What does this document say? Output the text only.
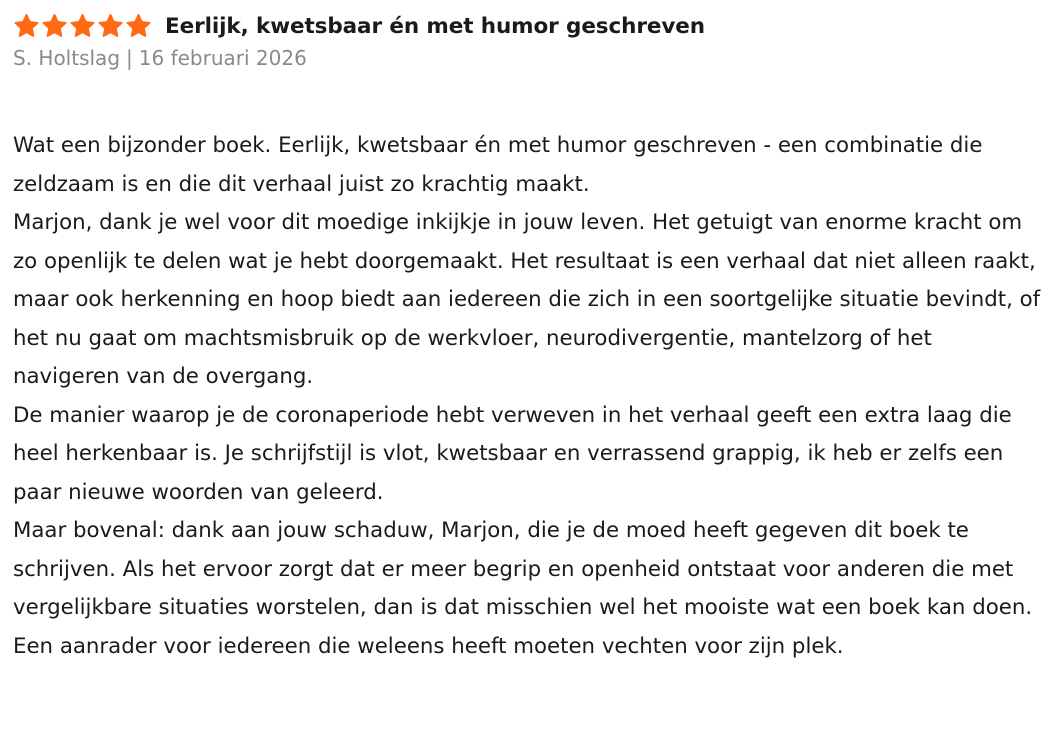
Eerlijk, kwetsbaar én met humor geschreven
S. Holtslag | 16 februari 2026

Wat een bijzonder boek. Eerlijk, kwetsbaar én met humor geschreven - een combinatie die zeldzaam is en die dit verhaal juist zo krachtig maakt.

Marjon, dank je wel voor dit moedige inkijkje in jouw leven. Het getuigt van enorme kracht om zo openlijk te delen wat je hebt doorgemaakt. Het resultaat is een verhaal dat niet alleen raakt, maar ook herkenning en hoop biedt aan iedereen die zich in een soortgelijke situatie bevindt, of het nu gaat om machtsmisbruik op de werkvloer, neurodivergentie, mantelzorg of het navigeren van de overgang.

De manier waarop je de coronaperiode hebt verweven in het verhaal geeft een extra laag die heel herkenbaar is. Je schrijfstijl is vlot, kwetsbaar en verrassend grappig, ik heb er zelfs een paar nieuwe woorden van geleerd.

Maar bovenal: dank aan jouw schaduw, Marjon, die je de moed heeft gegeven dit boek te schrijven. Als het ervoor zorgt dat er meer begrip en openheid ontstaat voor anderen die met vergelijkbare situaties worstelen, dan is dat misschien wel het mooiste wat een boek kan doen.

Een aanrader voor iedereen die weleens heeft moeten vechten voor zijn plek.
